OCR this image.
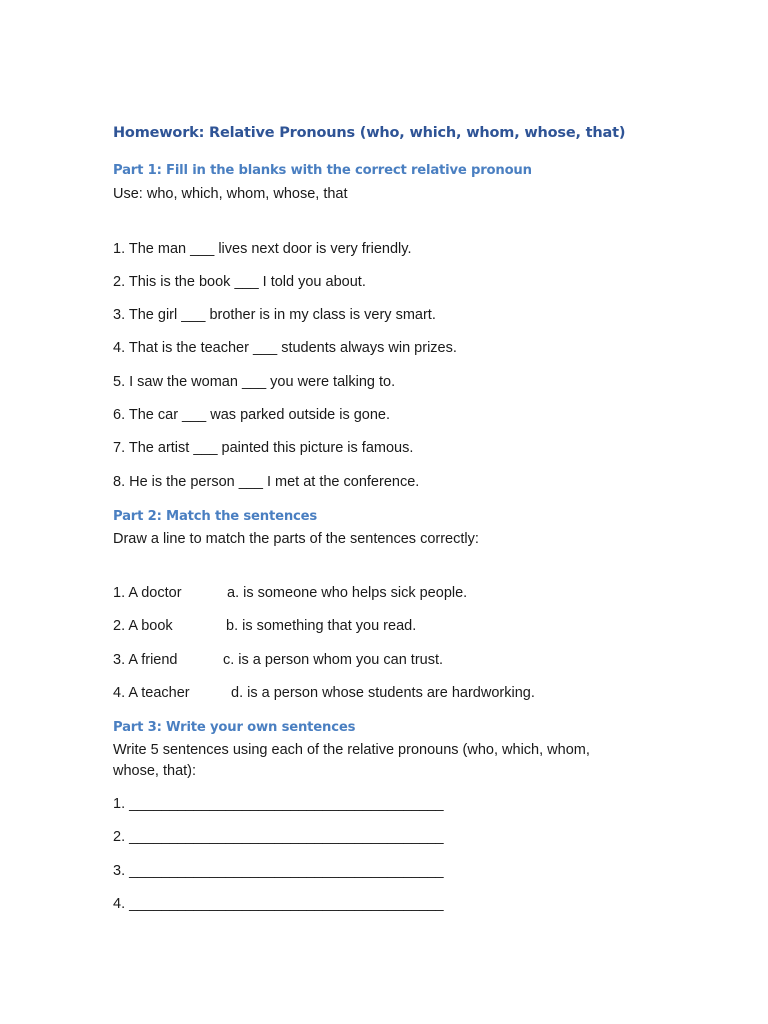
Homework: Relative Pronouns (who, which, whom, whose, that)
Part 1: Fill in the blanks with the correct relative pronoun

Use: who, which, whom, whose, that

1. The man ___ lives next door is very friendly.

2. This is the book ___ I told you about.

3. The girl ___ brother is in my class is very smart.

4. That is the teacher ___ students always win prizes.

5. I saw the woman ___ you were talking to.

6. The car ___ was parked outside is gone.

7. The artist ___ painted this picture is famous.

8. He is the person ___ I met at the conference.

Part 2: Match the sentences

Draw a line to match the parts of the sentences correctly:

1. A doctor	a. is someone who helps sick people.
2. A book	b. is something that you read.
3. A friend	c. is a person whom you can trust.
4. A teacher	d. is a person whose students are hardworking.
Part 3: Write your own sentences

Write 5 sentences using each of the relative pronouns (who, which, whom, whose, that):

1. _______________________________________

2. _______________________________________

3. _______________________________________

4. _______________________________________
